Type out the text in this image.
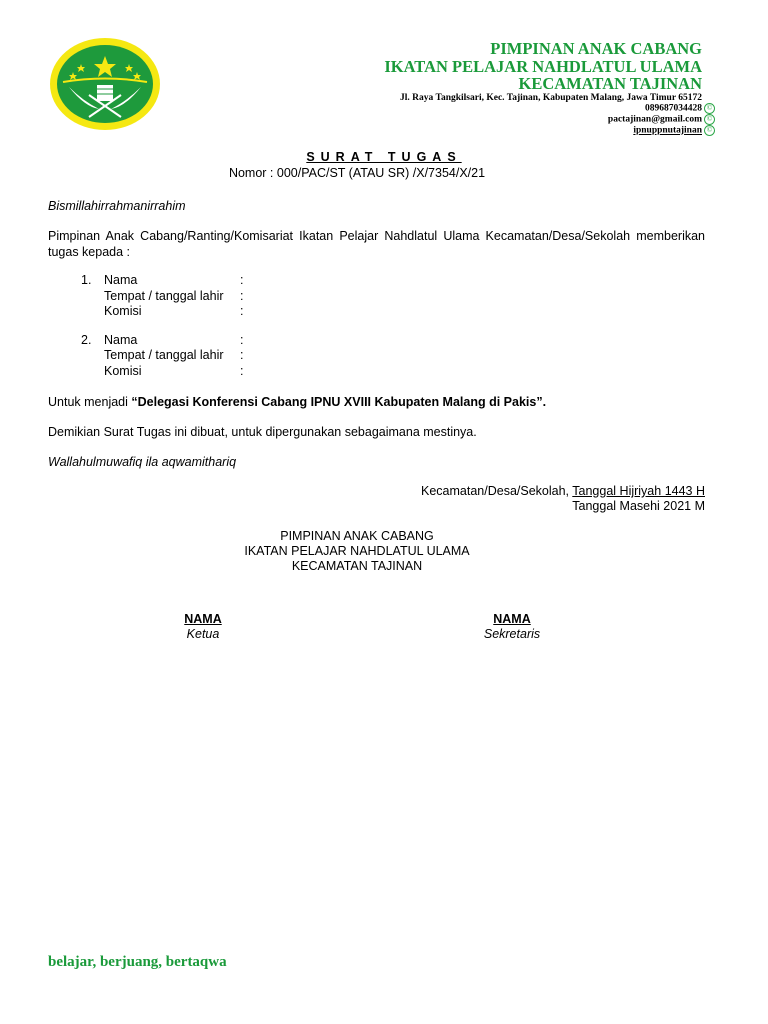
PIMPINAN ANAK CABANG
IKATAN PELAJAR NAHDLATUL ULAMA
KECAMATAN TAJINAN
Jl. Raya Tangkilsari, Kec. Tajinan, Kabupaten Malang, Jawa Timur 65172
089687034428 ©
pactajinan@gmail.com ©
ipnuppnutajinan ©
SURAT TUGAS
Nomor : 000/PAC/ST (ATAU SR) /X/7354/X/21
Bismillahirrahmanirrahim
Pimpinan Anak Cabang/Ranting/Komisariat Ikatan Pelajar Nahdlatul Ulama Kecamatan/Desa/Sekolah memberikan tugas kepada :
1. Nama
Tempat / tanggal lahir
Komisi
:
:
:
2. Nama
Tempat / tanggal lahir
Komisi
:
:
:
Untuk menjadi “Delegasi Konferensi Cabang IPNU XVIII Kabupaten Malang di Pakis”.
Demikian Surat Tugas ini dibuat, untuk dipergunakan sebagaimana mestinya.
Wallahulmuwafiq ila aqwamithariq
Kecamatan/Desa/Sekolah, Tanggal Hijriyah 1443 H
Tanggal Masehi 2021 M
PIMPINAN ANAK CABANG
IKATAN PELAJAR NAHDLATUL ULAMA
KECAMATAN TAJINAN
NAMA
Ketua
NAMA
Sekretaris
belajar, berjuang, bertaqwa
